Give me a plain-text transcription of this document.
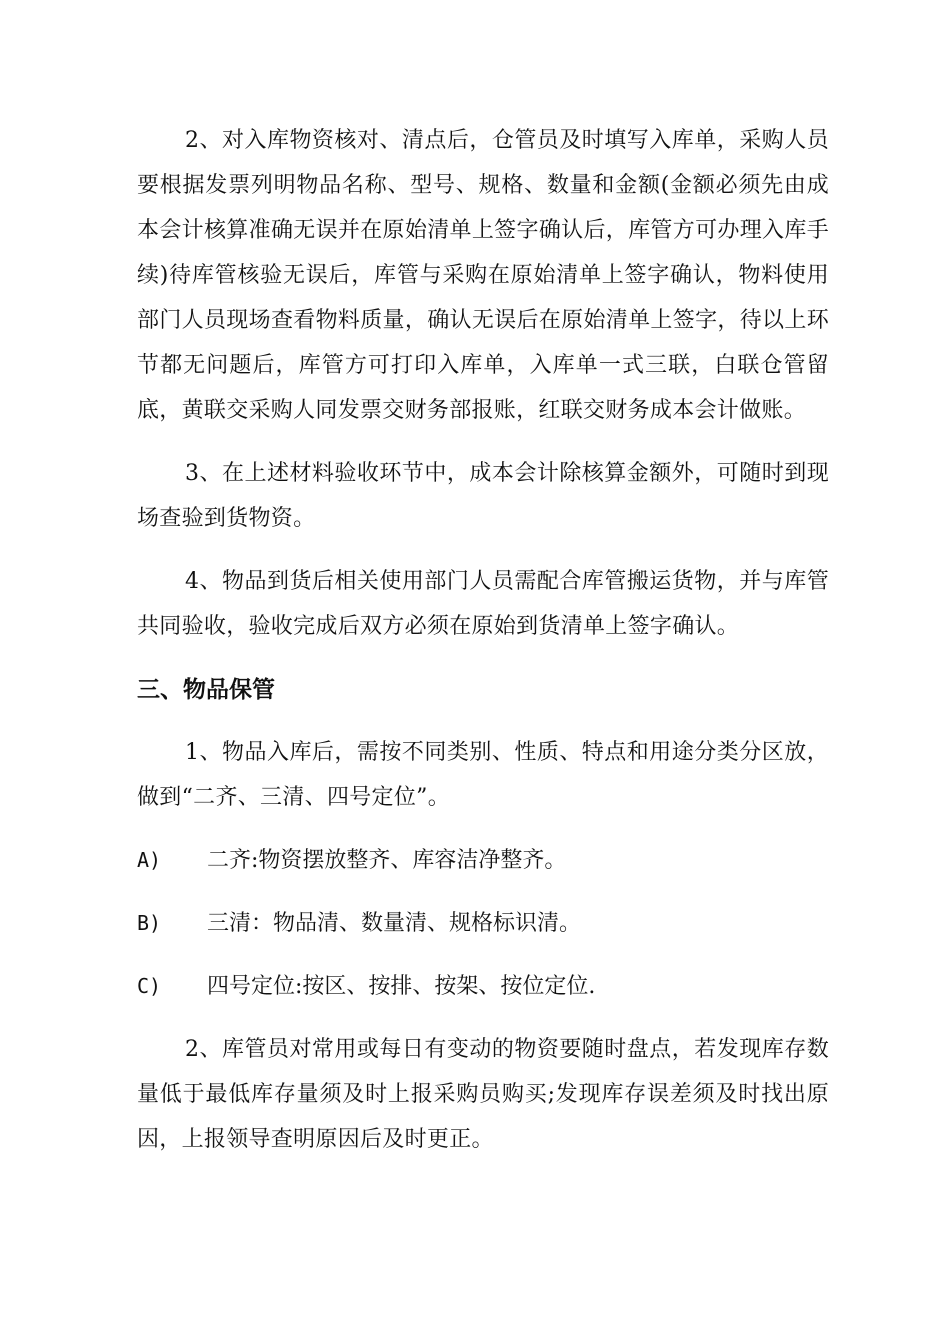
2、对入库物资核对、清点后，仓管员及时填写入库单，采购人员要根据发票列明物品名称、型号、规格、数量和金额(金额必须先由成本会计核算准确无误并在原始清单上签字确认后，库管方可办理入库手续)待库管核验无误后，库管与采购在原始清单上签字确认，物料使用部门人员现场查看物料质量，确认无误后在原始清单上签字，待以上环节都无问题后，库管方可打印入库单，入库单一式三联，白联仓管留底，黄联交采购人同发票交财务部报账，红联交财务成本会计做账。

3、在上述材料验收环节中，成本会计除核算金额外，可随时到现场查验到货物资。

4、物品到货后相关使用部门人员需配合库管搬运货物，并与库管共同验收，验收完成后双方必须在原始到货清单上签字确认。

三、物品保管

1、物品入库后，需按不同类别、性质、特点和用途分类分区放，做到“二齐、三清、四号定位”。

A)	二齐:物资摆放整齐、库容洁净整齐。
B)	三清：物品清、数量清、规格标识清。
C)	四号定位:按区、按排、按架、按位定位.

2、库管员对常用或每日有变动的物资要随时盘点，若发现库存数量低于最低库存量须及时上报采购员购买;发现库存误差须及时找出原因，上报领导查明原因后及时更正。
